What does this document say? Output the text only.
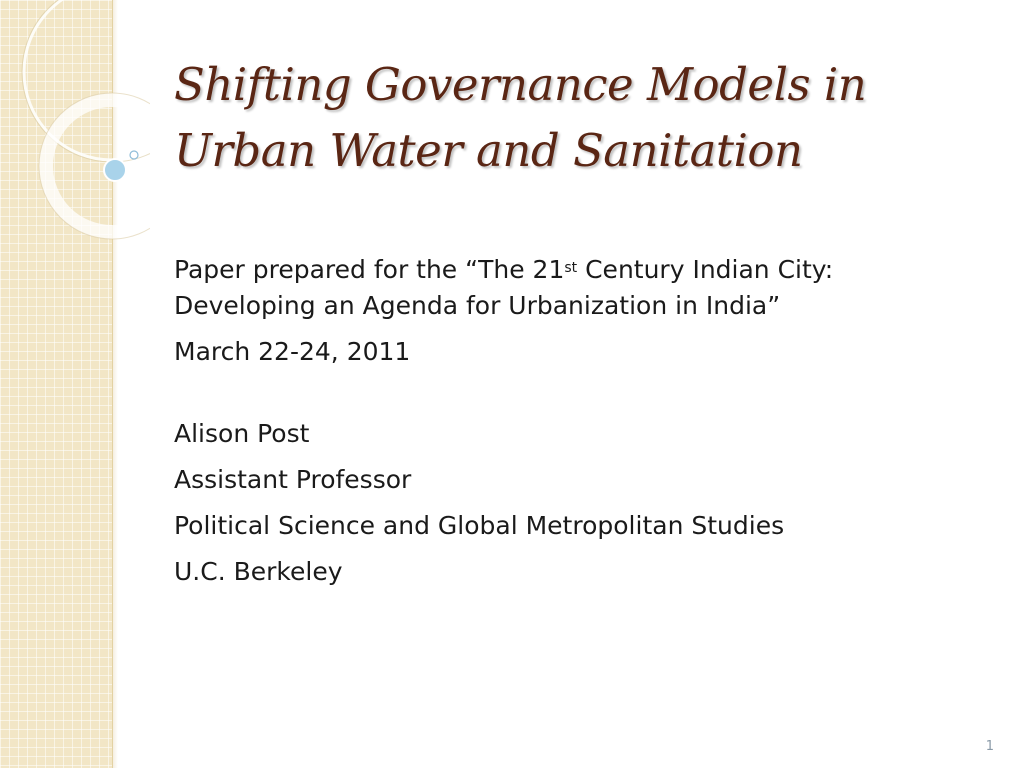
Shifting Governance Models in
Urban Water and Sanitation

Paper prepared for the “The 21st Century Indian City:

Developing an Agenda for Urbanization in India”

March 22-24, 2011

Alison Post

Assistant Professor

Political Science and Global Metropolitan Studies

U.C. Berkeley

1
